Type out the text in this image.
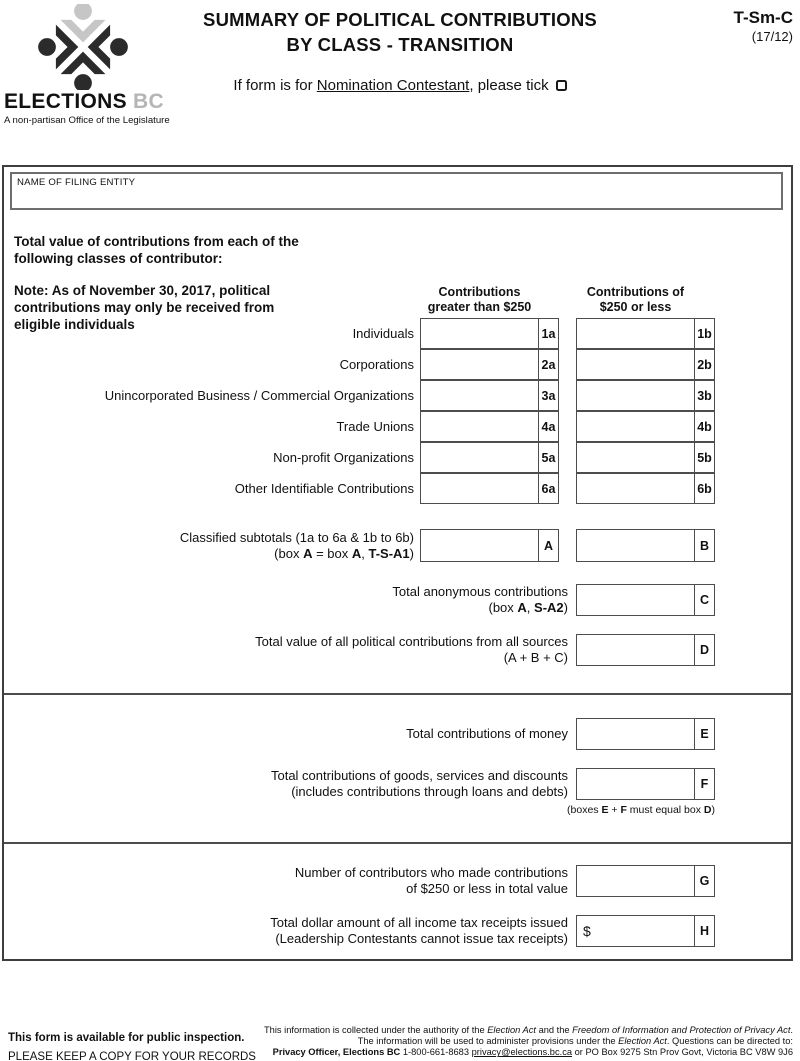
ELECTIONS BC
A non-partisan Office of the Legislature
SUMMARY OF POLITICAL CONTRIBUTIONS
BY CLASS - TRANSITION
T-Sm-C
(17/12)
If form is for Nomination Contestant, please tick
NAME OF FILING ENTITY
Total value of contributions from each of the following classes of contributor:
Note: As of November 30, 2017, political contributions may only be received from eligible individuals
Contributions
greater than $250
Contributions of
$250 or less
Individuals	1a	1b
Corporations	2a	2b
Unincorporated Business / Commercial Organizations	3a	3b
Trade Unions	4a	4b
Non-profit Organizations	5a	5b
Other Identifiable Contributions	6a	6b
Classified subtotals (1a to 6a & 1b to 6b)
(box A = box A, T-S-A1)
A	B
Total anonymous contributions
(box A, S-A2)	C
Total value of all political contributions from all sources
(A + B + C)	D
Total contributions of money	E
Total contributions of goods, services and discounts
(includes contributions through loans and debts)	F
(boxes E + F must equal box D)
Number of contributors who made contributions
of $250 or less in total value	G
Total dollar amount of all income tax receipts issued
(Leadership Contestants cannot issue tax receipts)	$	H
This form is available for public inspection.
PLEASE KEEP A COPY FOR YOUR RECORDS
This information is collected under the authority of the Election Act and the Freedom of Information and Protection of Privacy Act.
The information will be used to administer provisions under the Election Act. Questions can be directed to:
Privacy Officer, Elections BC 1-800-661-8683 privacy@elections.bc.ca or PO Box 9275 Stn Prov Govt, Victoria BC V8W 9J6
